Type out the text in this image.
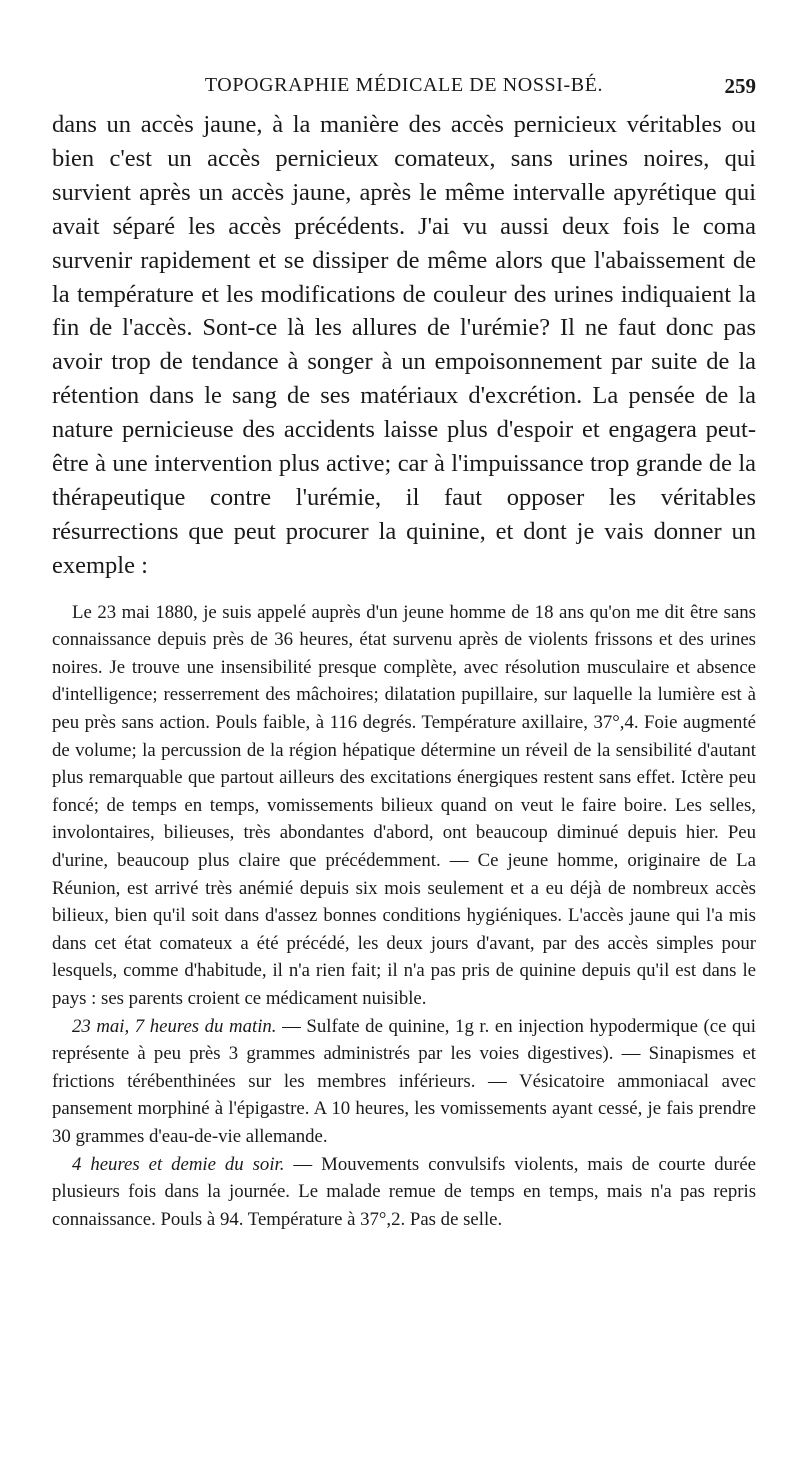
TOPOGRAPHIE MÉDICALE DE NOSSI-BÉ.	259

dans un accès jaune, à la manière des accès pernicieux véritables ou bien c'est un accès pernicieux comateux, sans urines noires, qui survient après un accès jaune, après le même intervalle apyrétique qui avait séparé les accès précédents. J'ai vu aussi deux fois le coma survenir rapidement et se dissiper de même alors que l'abaissement de la température et les modifications de couleur des urines indiquaient la fin de l'accès. Sont-ce là les allures de l'urémie? Il ne faut donc pas avoir trop de tendance à songer à un empoisonnement par suite de la rétention dans le sang de ses matériaux d'excrétion. La pensée de la nature pernicieuse des accidents laisse plus d'espoir et engagera peut-être à une intervention plus active; car à l'impuissance trop grande de la thérapeutique contre l'urémie, il faut opposer les véritables résurrections que peut procurer la quinine, et dont je vais donner un exemple :

Le 23 mai 1880, je suis appelé auprès d'un jeune homme de 18 ans qu'on me dit être sans connaissance depuis près de 36 heures, état survenu après de violents frissons et des urines noires. Je trouve une insensibilité presque complète, avec résolution musculaire et absence d'intelligence; resserrement des mâchoires; dilatation pupillaire, sur laquelle la lumière est à peu près sans action. Pouls faible, à 116 degrés. Température axillaire, 37°,4. Foie augmenté de volume; la percussion de la région hépatique détermine un réveil de la sensibilité d'autant plus remarquable que partout ailleurs des excitations énergiques restent sans effet. Ictère peu foncé; de temps en temps, vomissements bilieux quand on veut le faire boire. Les selles, involontaires, bilieuses, très abondantes d'abord, ont beaucoup diminué depuis hier. Peu d'urine, beaucoup plus claire que précédemment. — Ce jeune homme, originaire de La Réunion, est arrivé très anémié depuis six mois seulement et a eu déjà de nombreux accès bilieux, bien qu'il soit dans d'assez bonnes conditions hygiéniques. L'accès jaune qui l'a mis dans cet état comateux a été précédé, les deux jours d'avant, par des accès simples pour lesquels, comme d'habitude, il n'a rien fait; il n'a pas pris de quinine depuis qu'il est dans le pays : ses parents croient ce médicament nuisible.

23 mai, 7 heures du matin. — Sulfate de quinine, 1g r. en injection hypodermique (ce qui représente à peu près 3 grammes administrés par les voies digestives). — Sinapismes et frictions térébenthinées sur les membres inférieurs. — Vésicatoire ammoniacal avec pansement morphiné à l'épigastre. A 10 heures, les vomissements ayant cessé, je fais prendre 30 grammes d'eau-de-vie allemande.

4 heures et demie du soir. — Mouvements convulsifs violents, mais de courte durée plusieurs fois dans la journée. Le malade remue de temps en temps, mais n'a pas repris connaissance. Pouls à 94. Température à 37°,2. Pas de selle.
